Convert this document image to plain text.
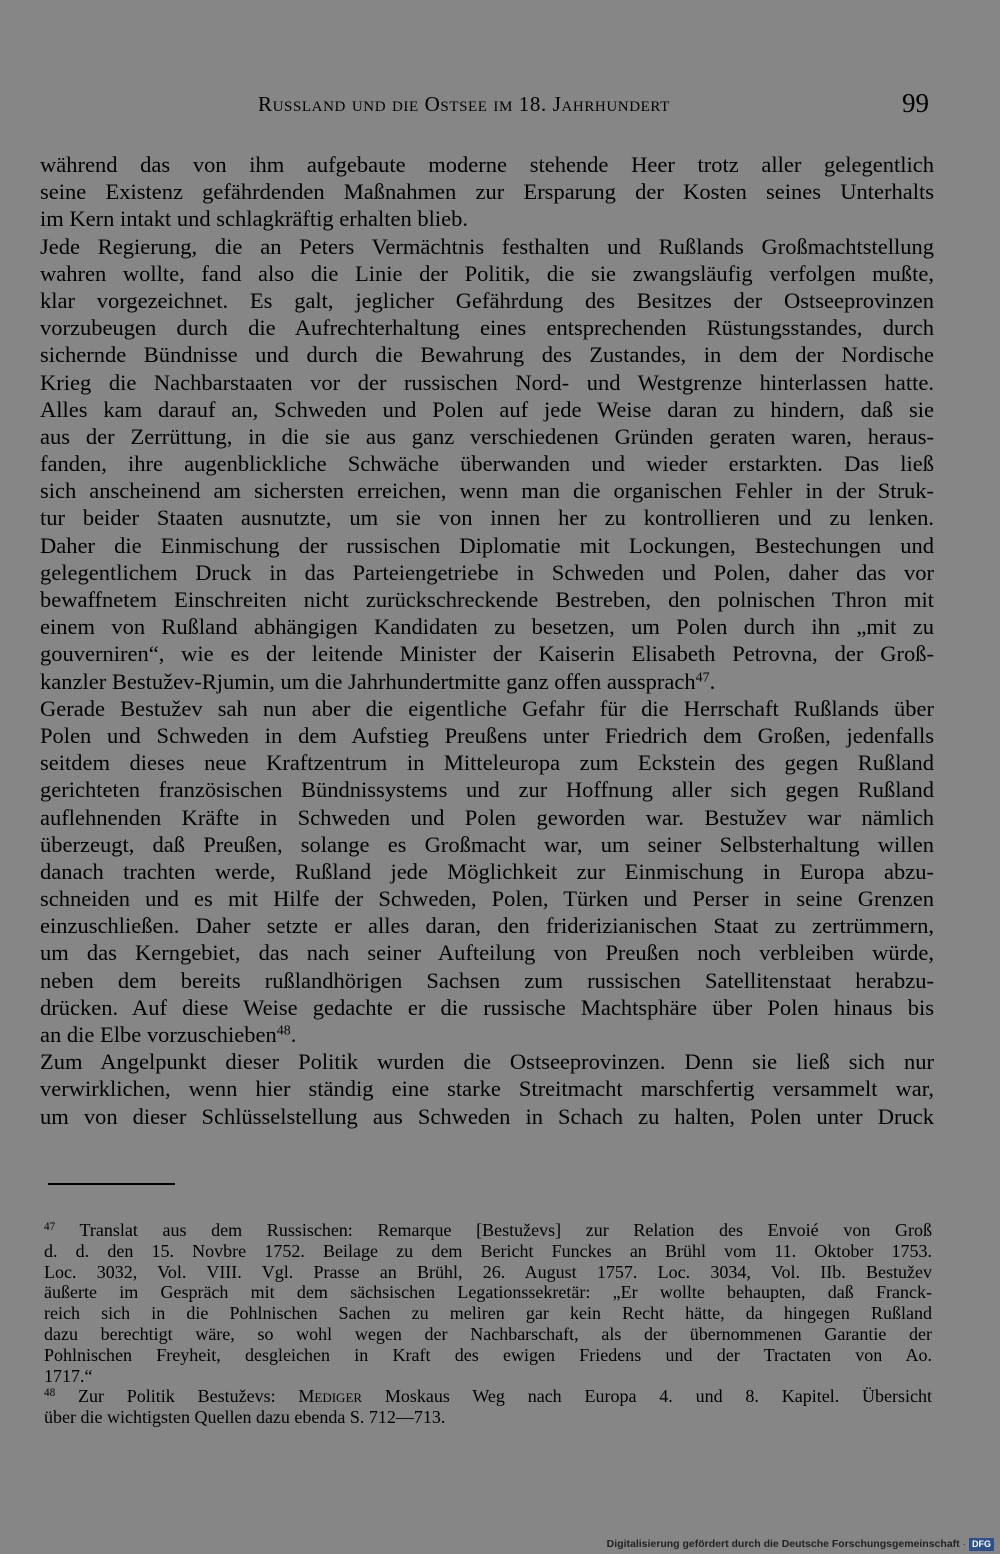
Russland und die Ostsee im 18. Jahrhundert	99
während das von ihm aufgebaute moderne stehende Heer trotz aller gelegentlich
seine Existenz gefährdenden Maßnahmen zur Ersparung der Kosten seines Unterhalts
im Kern intakt und schlagkräftig erhalten blieb.
Jede Regierung, die an Peters Vermächtnis festhalten und Rußlands Großmachtstellung
wahren wollte, fand also die Linie der Politik, die sie zwangsläufig verfolgen mußte,
klar vorgezeichnet. Es galt, jeglicher Gefährdung des Besitzes der Ostseeprovinzen
vorzubeugen durch die Aufrechterhaltung eines entsprechenden Rüstungsstandes, durch
sichernde Bündnisse und durch die Bewahrung des Zustandes, in dem der Nordische
Krieg die Nachbarstaaten vor der russischen Nord- und Westgrenze hinterlassen hatte.
Alles kam darauf an, Schweden und Polen auf jede Weise daran zu hindern, daß sie
aus der Zerrüttung, in die sie aus ganz verschiedenen Gründen geraten waren, heraus-
fanden, ihre augenblickliche Schwäche überwanden und wieder erstarkten. Das ließ
sich anscheinend am sichersten erreichen, wenn man die organischen Fehler in der Struk-
tur beider Staaten ausnutzte, um sie von innen her zu kontrollieren und zu lenken.
Daher die Einmischung der russischen Diplomatie mit Lockungen, Bestechungen und
gelegentlichem Druck in das Parteiengetriebe in Schweden und Polen, daher das vor
bewaffnetem Einschreiten nicht zurückschreckende Bestreben, den polnischen Thron mit
einem von Rußland abhängigen Kandidaten zu besetzen, um Polen durch ihn „mit zu
gouverniren“, wie es der leitende Minister der Kaiserin Elisabeth Petrovna, der Groß-
kanzler Bestužev-Rjumin, um die Jahrhundertmitte ganz offen aussprach$^{47}$.
Gerade Bestužev sah nun aber die eigentliche Gefahr für die Herrschaft Rußlands über
Polen und Schweden in dem Aufstieg Preußens unter Friedrich dem Großen, jedenfalls
seitdem dieses neue Kraftzentrum in Mitteleuropa zum Eckstein des gegen Rußland
gerichteten französischen Bündnissystems und zur Hoffnung aller sich gegen Rußland
auflehnenden Kräfte in Schweden und Polen geworden war. Bestužev war nämlich
überzeugt, daß Preußen, solange es Großmacht war, um seiner Selbsterhaltung willen
danach trachten werde, Rußland jede Möglichkeit zur Einmischung in Europa abzu-
schneiden und es mit Hilfe der Schweden, Polen, Türken und Perser in seine Grenzen
einzuschließen. Daher setzte er alles daran, den friderizianischen Staat zu zertrümmern,
um das Kerngebiet, das nach seiner Aufteilung von Preußen noch verbleiben würde,
neben dem bereits rußlandhörigen Sachsen zum russischen Satellitenstaat herabzu-
drücken. Auf diese Weise gedachte er die russische Machtsphäre über Polen hinaus bis
an die Elbe vorzuschieben$^{48}$.
Zum Angelpunkt dieser Politik wurden die Ostseeprovinzen. Denn sie ließ sich nur
verwirklichen, wenn hier ständig eine starke Streitmacht marschfertig versammelt war,
um von dieser Schlüsselstellung aus Schweden in Schach zu halten, Polen unter Druck
$^{47}$ Translat aus dem Russischen: Remarque [Bestuževs] zur Relation des Envoié von Groß
d. d. den 15. Novbre 1752. Beilage zu dem Bericht Funckes an Brühl vom 11. Oktober 1753.
Loc. 3032, Vol. VIII. Vgl. Prasse an Brühl, 26. August 1757. Loc. 3034, Vol. IIb. Bestužev
äußerte im Gespräch mit dem sächsischen Legationssekretär: „Er wollte behaupten, daß Franck-
reich sich in die Pohlnischen Sachen zu meliren gar kein Recht hätte, da hingegen Rußland
dazu berechtigt wäre, so wohl wegen der Nachbarschaft, als der übernommenen Garantie der
Pohlnischen Freyheit, desgleichen in Kraft des ewigen Friedens und der Tractaten von Ao.
1717.“
$^{48}$ Zur Politik Bestuževs: Mediger Moskaus Weg nach Europa 4. und 8. Kapitel. Übersicht
über die wichtigsten Quellen dazu ebenda S. 712—713.
Digitalisierung gefördert durch die Deutsche Forschungsgemeinschaft · DFG
